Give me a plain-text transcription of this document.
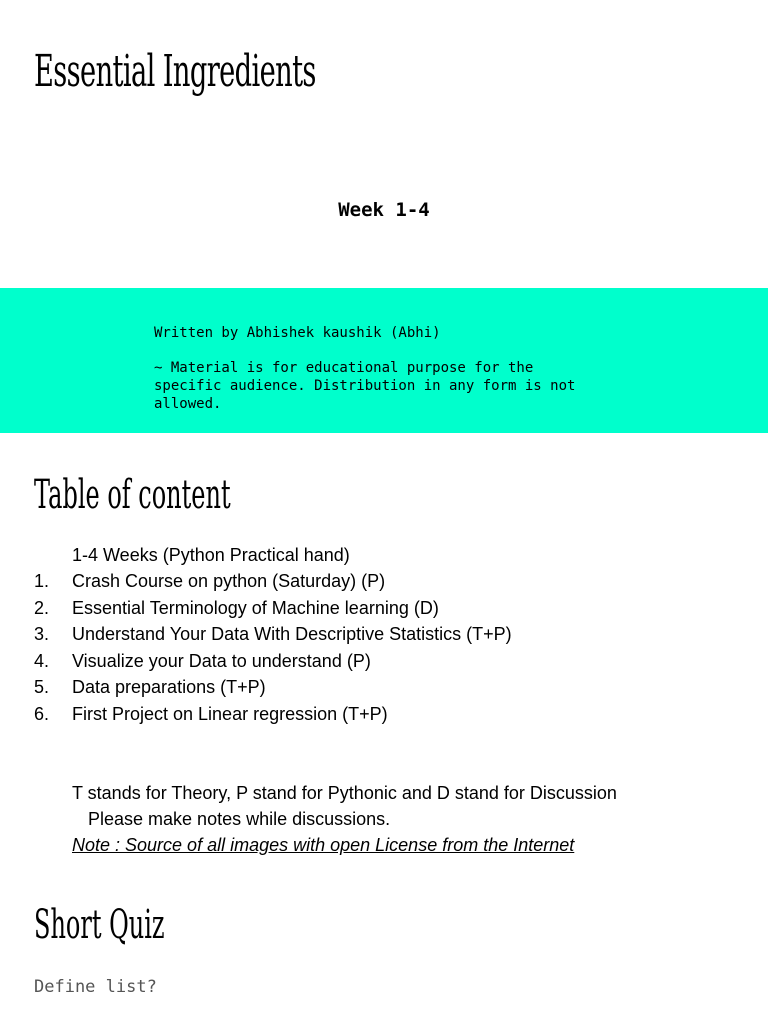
Essential Ingredients
Week 1-4

Written by Abhishek kaushik (Abhi)

~ Material is for educational purpose for the specific audience. Distribution in any form is not allowed.

Table of content
1-4 Weeks (Python Practical hand)
1. Crash Course on python (Saturday) (P)
2. Essential Terminology of Machine learning (D)
3. Understand Your Data With Descriptive Statistics (T+P)
4. Visualize your Data to understand (P)
5. Data preparations (T+P)
6. First Project on Linear regression (T+P)
T stands for Theory, P stand for Pythonic and D stand for Discussion
Please make notes while discussions.
Note : Source of all images with open License from the Internet
Short Quiz
Define list?
